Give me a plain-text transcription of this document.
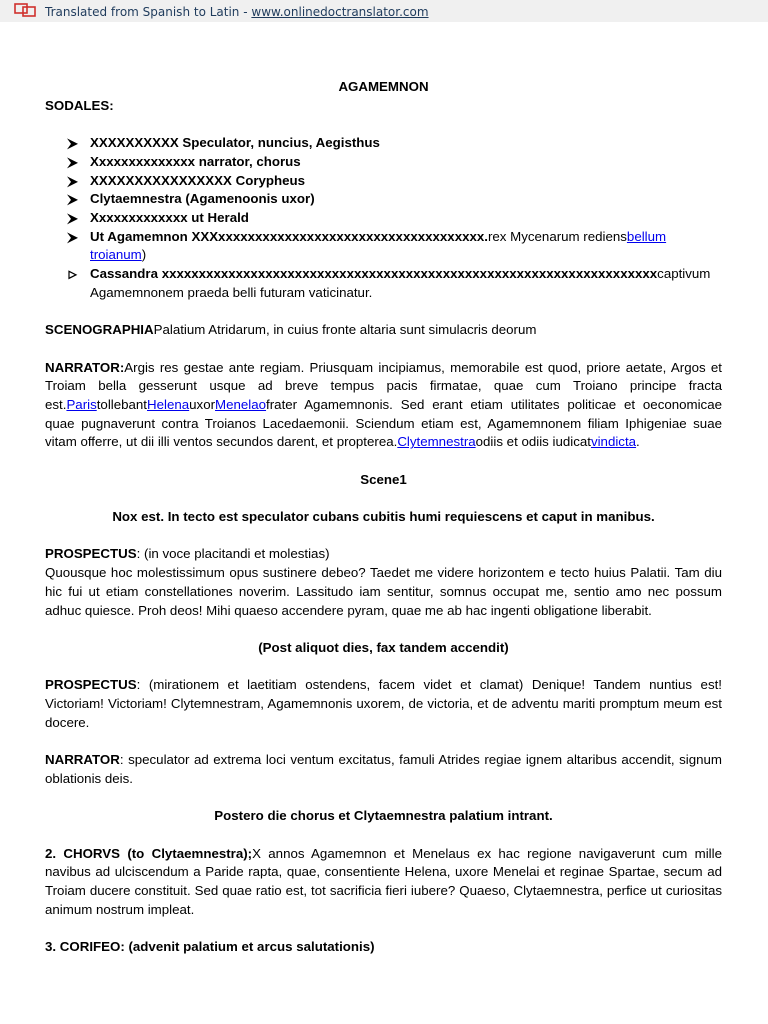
Translated from Spanish to Latin - www.onlinedoctranslator.com

AGAMEMNON

SODALES:

XXXXXXXXXX Speculator, nuncius, Aegisthus
Xxxxxxxxxxxxxx narrator, chorus
XXXXXXXXXXXXXXXX Corypheus
Clytaemnestra (Agamenoonis uxor)
Xxxxxxxxxxxxx ut Herald
Ut Agamemnon XXXxxxxxxxxxxxxxxxxxxxxxxxxxxxxxxxxxxxx.rex Mycenarum rediensbellum troianum)
Cassandra xxxxxxxxxxxxxxxxxxxxxxxxxxxxxxxxxxxxxxxxxxxxxxxxxxxxxxxxxxxxxxxxxxxcaptivum Agamemnonem praeda belli futuram vaticinatur.

SCENOGRAPHIAPalatium Atridarum, in cuius fronte altaria sunt simulacris deorum

NARRATOR:Argis res gestae ante regiam. Priusquam incipiamus, memorabile est quod, priore aetate, Argos et Troiam bella gesserunt usque ad breve tempus pacis firmatae, quae cum Troiano principe fracta est.ParistollebantHelenauxorMenelaofrater Agamemnonis. Sed erant etiam utilitates politicae et oeconomicae quae pugnaverunt contra Troianos Lacedaemonii. Sciendum etiam est, Agamemnonem filiam Iphigeniae suae vitam offerre, ut dii illi ventos secundos darent, et propterea.Clytemnestraodiis et odiis iudicatvindicta.

Scene1

Nox est. In tecto est speculator cubans cubitis humi requiescens et caput in manibus.

PROSPECTUS: (in voce placitandi et molestias)

Quousque hoc molestissimum opus sustinere debeo? Taedet me videre horizontem e tecto huius Palatii. Tam diu hic fui ut etiam constellationes noverim. Lassitudo iam sentitur, somnus occupat me, sentio amo nec possum adhuc quiesce. Proh deos! Mihi quaeso accendere pyram, quae me ab hac ingenti obligatione liberabit.

(Post aliquot dies, fax tandem accendit)

PROSPECTUS: (mirationem et laetitiam ostendens, facem videt et clamat) Denique! Tandem nuntius est! Victoriam! Victoriam! Clytemnestram, Agamemnonis uxorem, de victoria, et de adventu mariti promptum meum est docere.

NARRATOR: speculator ad extrema loci ventum excitatus, famuli Atrides regiae ignem altaribus accendit, signum oblationis deis.

Postero die chorus et Clytaemnestra palatium intrant.

2. CHORVS (to Clytaemnestra);X annos Agamemnon et Menelaus ex hac regione navigaverunt cum mille navibus ad ulciscendum a Paride rapta, quae, consentiente Helena, uxore Menelai et reginae Spartae, secum ad Troiam ducere constituit. Sed quae ratio est, tot sacrificia fieri iubere? Quaeso, Clytaemnestra, perfice ut curiositas animum nostrum impleat.

3. CORIFEO: (advenit palatium et arcus salutationis)
